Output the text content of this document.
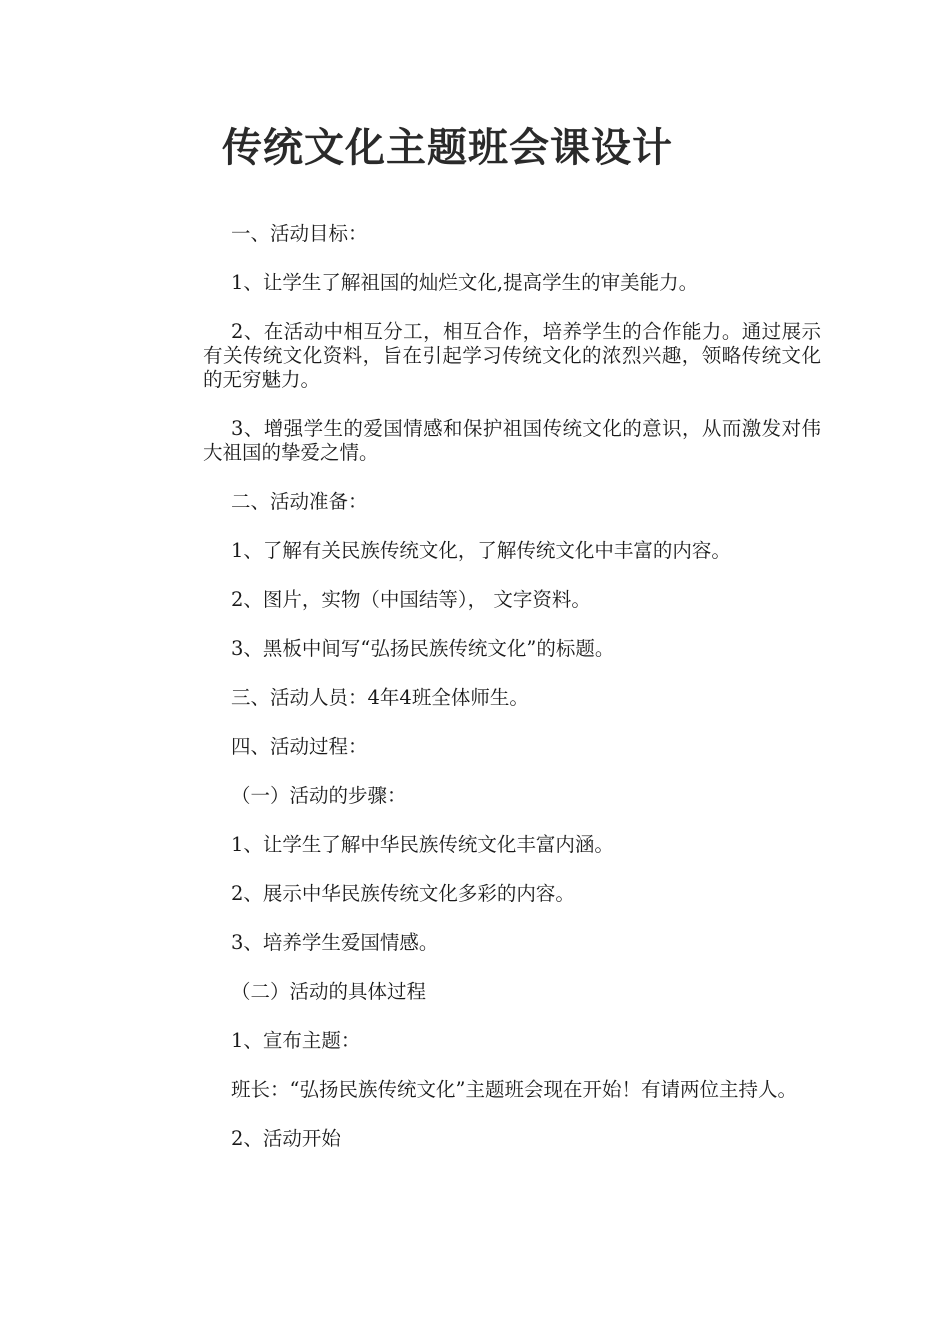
传统文化主题班会课设计

一、活动目标：

1、让学生了解祖国的灿烂文化,提高学生的审美能力。

2、在活动中相互分工，相互合作，培养学生的合作能力。通过展示有关传统文化资料，旨在引起学习传统文化的浓烈兴趣，领略传统文化的无穷魅力。

3、增强学生的爱国情感和保护祖国传统文化的意识，从而激发对伟大祖国的挚爱之情。

二、活动准备：

1、了解有关民族传统文化，了解传统文化中丰富的内容。

2、图片，实物（中国结等）， 文字资料。

3、黑板中间写“弘扬民族传统文化”的标题。

三、活动人员：4年4班全体师生。

四、活动过程：

（一）活动的步骤：

1、让学生了解中华民族传统文化丰富内涵。

2、展示中华民族传统文化多彩的内容。

3、培养学生爱国情感。

（二）活动的具体过程

1、宣布主题：

班长：“弘扬民族传统文化”主题班会现在开始！有请两位主持人。

2、活动开始
